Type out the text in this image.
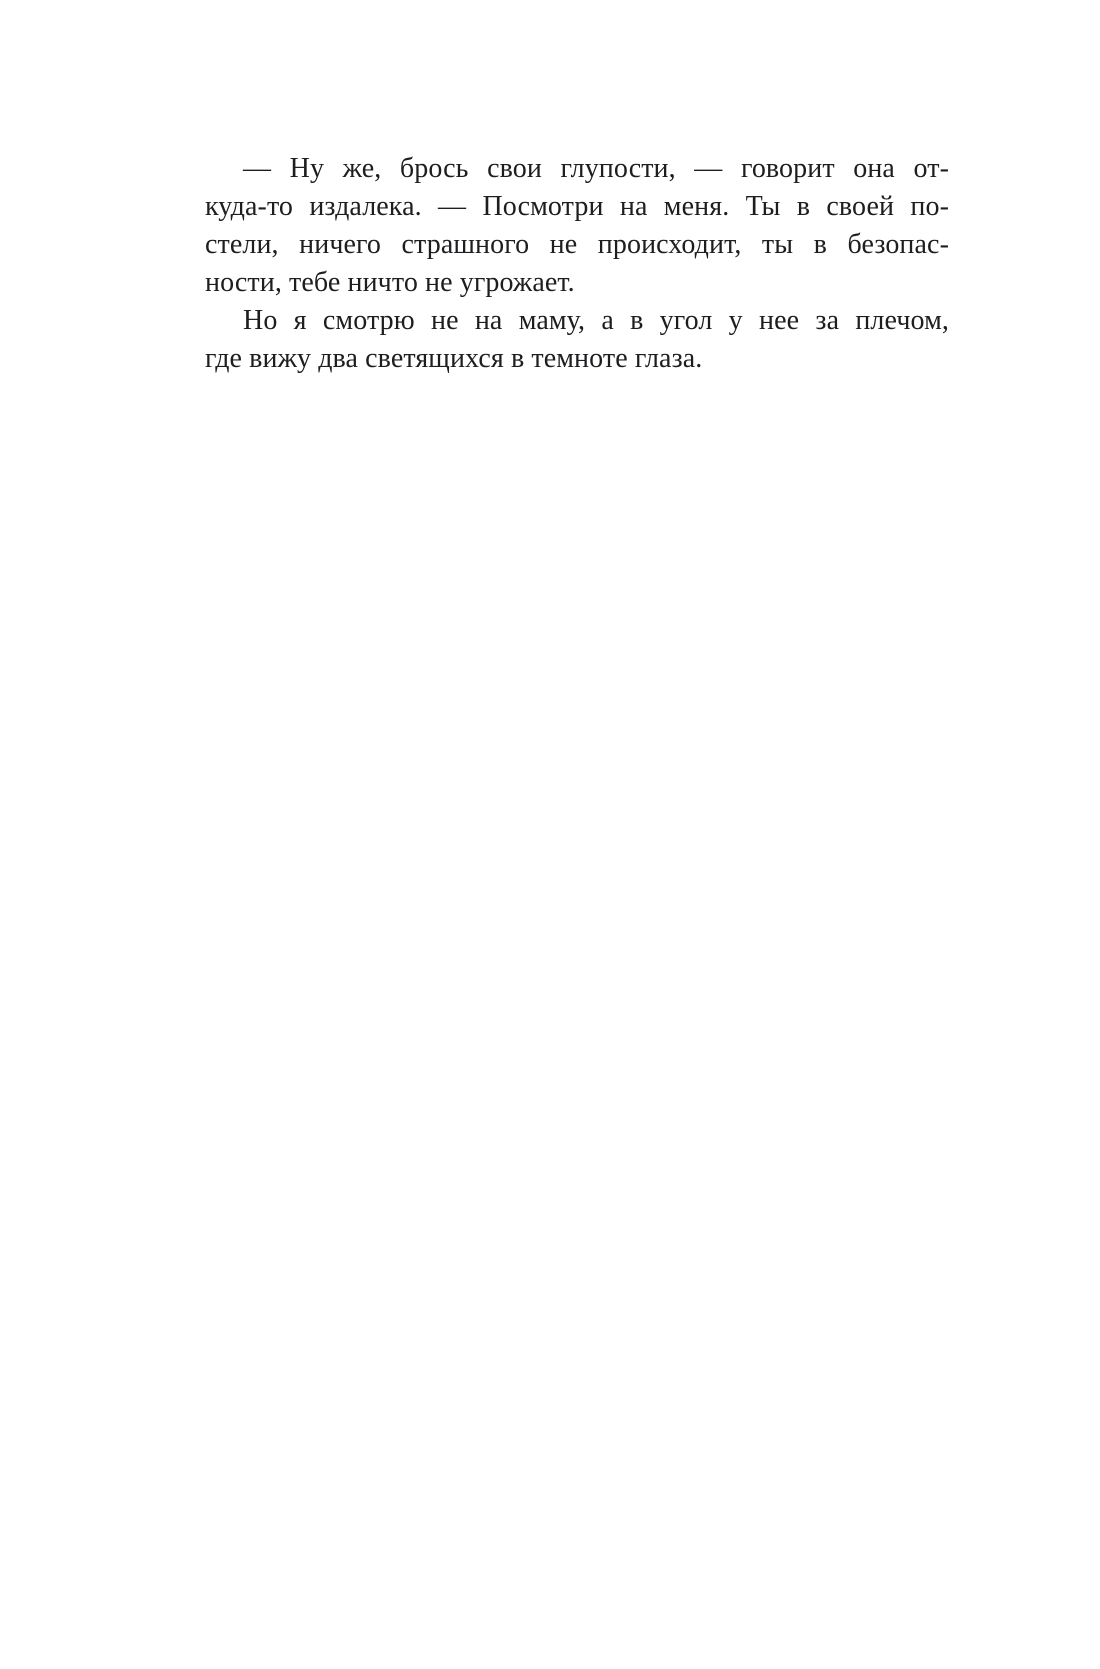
— Ну же, брось свои глупости, — говорит она от-
куда-то издалека. — Посмотри на меня. Ты в своей по-
стели, ничего страшного не происходит, ты в безопас-
ности, тебе ничто не угрожает.
Но я смотрю не на маму, а в угол у нее за плечом,
где вижу два светящихся в темноте глаза.
